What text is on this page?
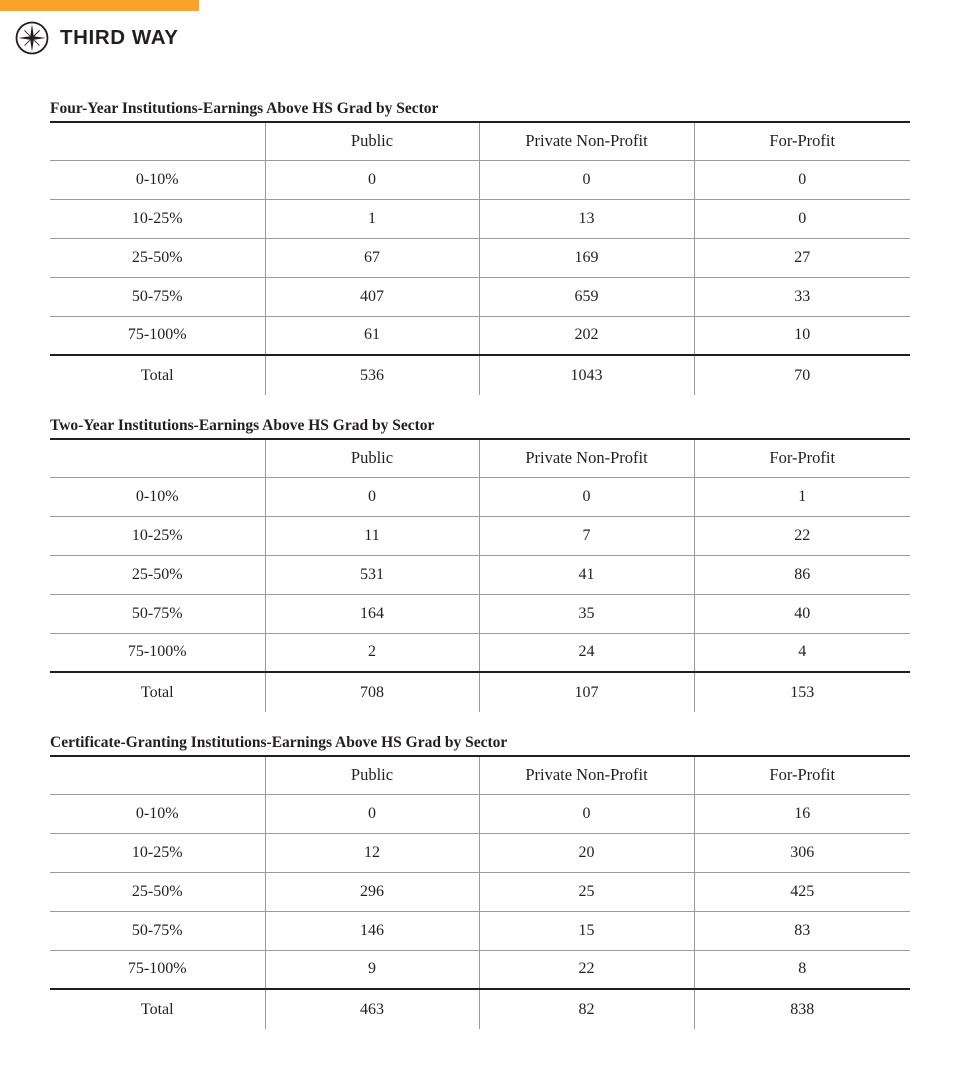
THIRD WAY
Four-Year Institutions-Earnings Above HS Grad by Sector
	Public	Private Non-Profit	For-Profit
0-10%	0	0	0
10-25%	1	13	0
25-50%	67	169	27
50-75%	407	659	33
75-100%	61	202	10
Total	536	1043	70
Two-Year Institutions-Earnings Above HS Grad by Sector
	Public	Private Non-Profit	For-Profit
0-10%	0	0	1
10-25%	11	7	22
25-50%	531	41	86
50-75%	164	35	40
75-100%	2	24	4
Total	708	107	153
Certificate-Granting Institutions-Earnings Above HS Grad by Sector
	Public	Private Non-Profit	For-Profit
0-10%	0	0	16
10-25%	12	20	306
25-50%	296	25	425
50-75%	146	15	83
75-100%	9	22	8
Total	463	82	838
